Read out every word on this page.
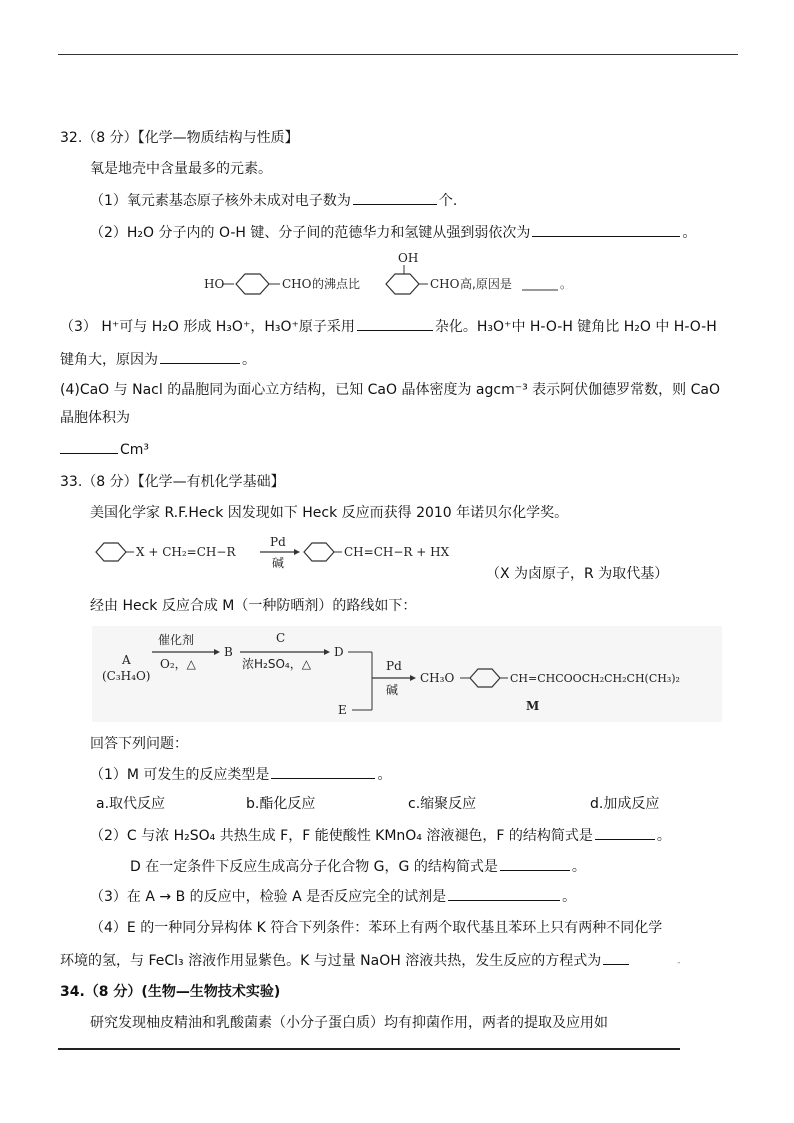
32.（8 分）【化学—物质结构与性质】
氧是地壳中含量最多的元素。
（1）氧元素基态原子核外未成对电子数为	个.
（2）H₂O 分子内的 O-H 键、分子间的范德华力和氢键从强到弱依次为	。
HO	CHO 的沸点比
OH
CHO 高,原因是	。
（3） H⁺可与 H₂O 形成 H₃O⁺，H₃O⁺原子采用	杂化。H₃O⁺中 H-O-H 键角比 H₂O 中 H-O-H
键角大，原因为	。
(4)CaO 与 Nacl 的晶胞同为面心立方结构，已知 CaO 晶体密度为 agcm⁻³ 表示阿伏伽德罗常数，则 CaO
晶胞体积为
Cm³
33.（8 分）【化学—有机化学基础】
美国化学家 R.F.Heck 因发现如下 Heck 反应而获得 2010 年诺贝尔化学奖。
X + CH₂=CH−R
Pd
碱
CH=CH−R + HX
（X 为卤原子，R 为取代基）
经由 Heck 反应合成 M（一种防晒剂）的路线如下：
A
(C₃H₄O)
催化剂
O₂，△
B
C
浓H₂SO₄，△
D
E
Pd
碱
CH₃O	CH=CHCOOCH₂CH₂CH(CH₃)₂
M
回答下列问题：
（1）M 可发生的反应类型是	。
a.取代反应	b.酯化反应	c.缩聚反应	d.加成反应
（2）C 与浓 H₂SO₄ 共热生成 F，F 能使酸性 KMnO₄ 溶液褪色，F 的结构简式是	。
D 在一定条件下反应生成高分子化合物 G，G 的结构简式是	。
（3）在 A → B 的反应中，检验 A 是否反应完全的试剂是	。
（4）E 的一种同分异构体 K 符合下列条件：苯环上有两个取代基且苯环上只有两种不同化学
环境的氢，与 FeCl₃ 溶液作用显紫色。K 与过量 NaOH 溶液共热，发生反应的方程式为	-
34.（8 分）(生物—生物技术实验)
研究发现柚皮精油和乳酸菌素（小分子蛋白质）均有抑菌作用，两者的提取及应用如
